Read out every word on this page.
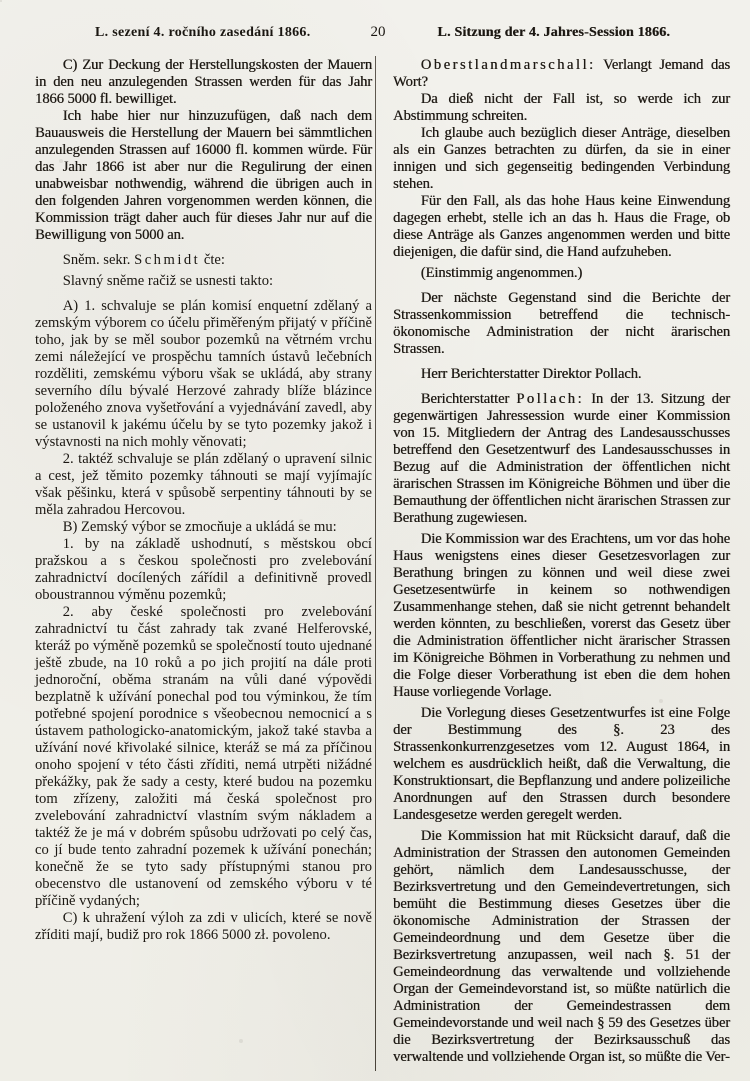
L. sezení 4. ročního zasedání 1866.	20	L. Sitzung der 4. Jahres-Session 1866.

C) Zur Deckung der Herstellungskosten der Mauern in den neu anzulegenden Strassen werden für das Jahr 1866 5000 fl. bewilliget.

Ich habe hier nur hinzuzufügen, daß nach dem Bauausweis die Herstellung der Mauern bei sämmtlichen anzulegenden Strassen auf 16000 fl. kommen würde. Für das Jahr 1866 ist aber nur die Regulirung der einen unabweisbar nothwendig, während die übrigen auch in den folgenden Jahren vorgenommen werden können, die Kommission trägt daher auch für dieses Jahr nur auf die Bewilligung von 5000 an.

Sněm. sekr. Schmidt čte:

Slavný sněme račiž se usnesti takto:

A) 1. schvaluje se plán komisí enquetní zdělaný a zemským výborem co účelu přiměřeným přijatý v příčině toho, jak by se měl soubor pozemků na větrném vrchu zemi náležející ve prospěchu tamních ústavů lečebních rozděliti, zemskému výboru však se ukládá, aby strany severního dílu bývalé Herzové zahrady blíže blázince položeného znova vyšetřování a vyjednávání zavedl, aby se ustanovil k jakému účelu by se tyto pozemky jakož i výstavnosti na nich mohly věnovati;

2. taktéž schvaluje se plán zdělaný o upravení silnic a cest, jež těmito pozemky táhnouti se mají vyjímajíc však pěšinku, která v spůsobě serpentiny táhnouti by se měla zahradou Hercovou.

B) Zemský výbor se zmocňuje a ukládá se mu:

1. by na základě ushodnutí, s městskou obcí pražskou a s českou společnosti pro zvelebování zahradnictví docílených zářídil a definitivně provedl oboustrannou výměnu pozemků;

2. aby české společnosti pro zvelebování zahradnictví tu část zahrady tak zvané Helferovské, kteráž po výměně pozemků se společností touto ujednané ještě zbude, na 10 roků a po jich projití na dále proti jednoroční, oběma stranám na vůli dané výpovědi bezplatně k užívání ponechal pod tou výminkou, že tím potřebné spojení porodnice s všeobecnou nemocnicí a s ústavem pathologicko-anatomickým, jakož také stavba a užívání nové křivolaké silnice, kteráž se má za příčinou onoho spojení v této části zříditi, nemá utrpěti nižádné překážky, pak že sady a cesty, které budou na pozemku tom zřízeny, založiti má česká společnost pro zvelebování zahradnictví vlastním svým nákladem a taktéž že je má v dobrém spůsobu udržovati po celý čas, co jí bude tento zahradní pozemek k užívání ponechán; konečně že se tyto sady přístupnými stanou pro obecenstvo dle ustanovení od zemského výboru v té příčině vydaných;

C) k uhražení výloh za zdi v ulicích, které se nově zříditi mají, budiž pro rok 1866 5000 zł. povoleno.

Oberstlandmarschall: Verlangt Jemand das Wort?

Da dieß nicht der Fall ist, so werde ich zur Abstimmung schreiten.

Ich glaube auch bezüglich dieser Anträge, dieselben als ein Ganzes betrachten zu dürfen, da sie in einer innigen und sich gegenseitig bedingenden Verbindung stehen.

Für den Fall, als das hohe Haus keine Einwendung dagegen erhebt, stelle ich an das h. Haus die Frage, ob diese Anträge als Ganzes angenommen werden und bitte diejenigen, die dafür sind, die Hand aufzuheben.

(Einstimmig angenommen.)

Der nächste Gegenstand sind die Berichte der Strassenkommission betreffend die technisch-ökonomische Administration der nicht ärarischen Strassen.

Herr Berichterstatter Direktor Pollach.

Berichterstatter Pollach: In der 13. Sitzung der gegenwärtigen Jahressession wurde einer Kommission von 15. Mitgliedern der Antrag des Landesausschusses betreffend den Gesetzentwurf des Landesausschusses in Bezug auf die Administration der öffentlichen nicht ärarischen Strassen im Königreiche Böhmen und über die Bemauthung der öffentlichen nicht ärarischen Strassen zur Berathung zugewiesen.

Die Kommission war des Erachtens, um vor das hohe Haus wenigstens eines dieser Gesetzesvorlagen zur Berathung bringen zu können und weil diese zwei Gesetzesentwürfe in keinem so nothwendigen Zusammenhange stehen, daß sie nicht getrennt behandelt werden könnten, zu beschließen, vorerst das Gesetz über die Administration öffentlicher nicht ärarischer Strassen im Königreiche Böhmen in Vorberathung zu nehmen und die Folge dieser Vorberathung ist eben die dem hohen Hause vorliegende Vorlage.

Die Vorlegung dieses Gesetzentwurfes ist eine Folge der Bestimmung des §. 23 des Strassenkonkurrenzgesetzes vom 12. August 1864, in welchem es ausdrücklich heißt, daß die Verwaltung, die Konstruktionsart, die Bepflanzung und andere polizeiliche Anordnungen auf den Strassen durch besondere Landesgesetze werden geregelt werden.

Die Kommission hat mit Rücksicht darauf, daß die Administration der Strassen den autonomen Gemeinden gehört, nämlich dem Landesausschusse, der Bezirksvertretung und den Gemeindevertretungen, sich bemüht die Bestimmung dieses Gesetzes über die ökonomische Administration der Strassen der Gemeindeordnung und dem Gesetze über die Bezirksvertretung anzupassen, weil nach §. 51 der Gemeindeordnung das verwaltende und vollziehende Organ der Gemeindevorstand ist, so müßte natürlich die Administration der Gemeindestrassen dem Gemeindevorstande und weil nach § 59 des Gesetzes über die Bezirksvertretung der Bezirksausschuß das verwaltende und vollziehende Organ ist, so müßte die Ver-
